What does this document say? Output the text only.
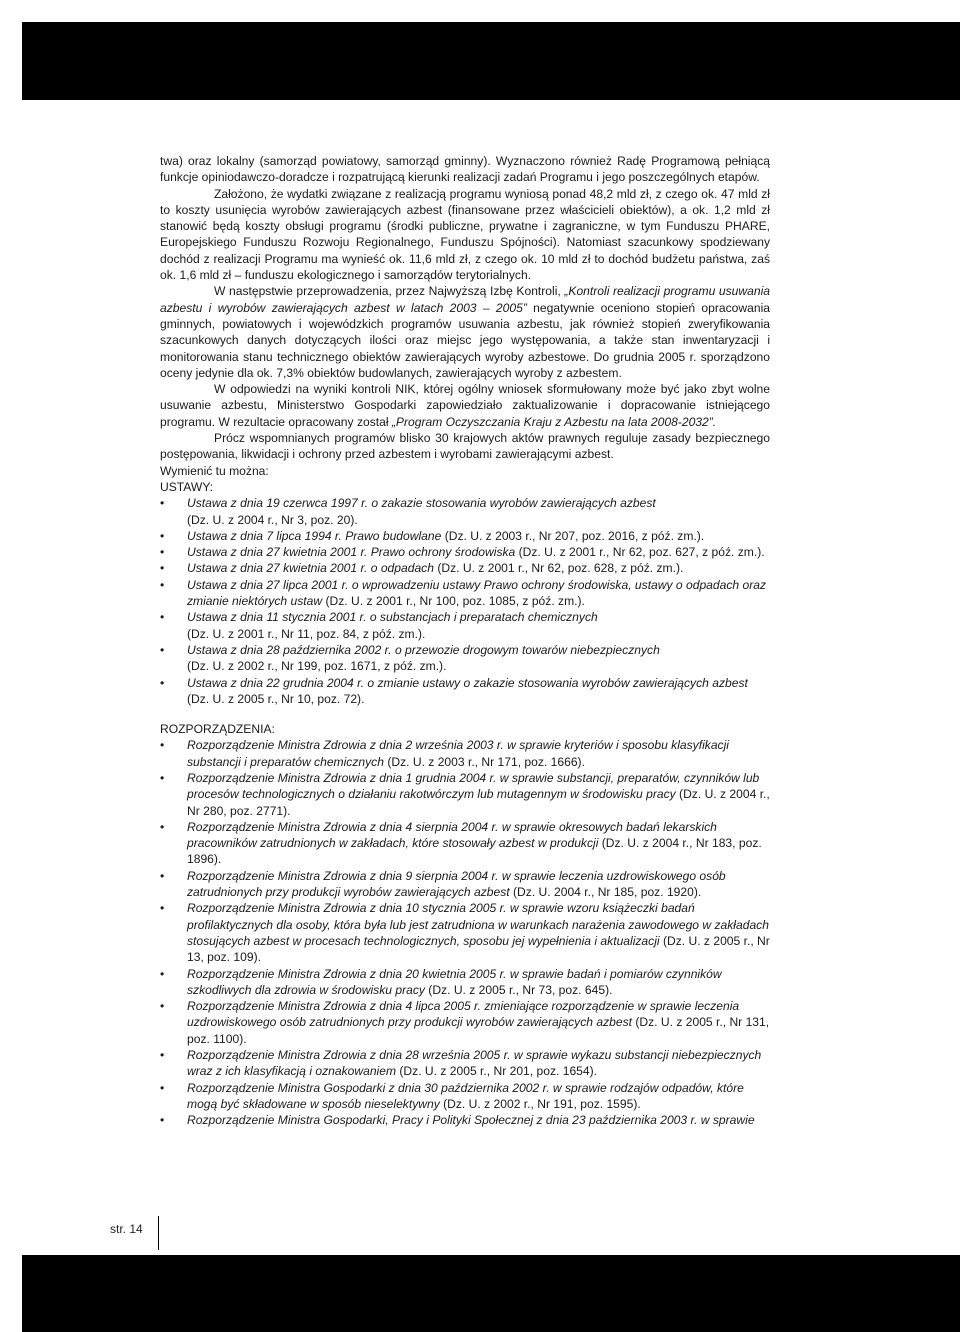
twa) oraz lokalny (samorząd powiatowy, samorząd gminny). Wyznaczono również Radę Programową pełniącą funkcje opiniodawczo-doradcze i rozpatrującą kierunki realizacji zadań Programu i jego poszczególnych etapów.

Założono, że wydatki związane z realizacją programu wyniosą ponad 48,2 mld zł, z czego ok. 47 mld zł to koszty usunięcia wyrobów zawierających azbest (finansowane przez właścicieli obiektów), a ok. 1,2 mld zł stanowić będą koszty obsługi programu (środki publiczne, prywatne i zagraniczne, w tym Funduszu PHARE, Europejskiego Funduszu Rozwoju Regionalnego, Funduszu Spójności). Natomiast szacunkowy spodziewany dochód z realizacji Programu ma wynieść ok. 11,6 mld zł, z czego ok. 10 mld zł to dochód budżetu państwa, zaś ok. 1,6 mld zł – funduszu ekologicznego i samorządów terytorialnych.

W następstwie przeprowadzenia, przez Najwyższą Izbę Kontroli, „Kontroli realizacji programu usuwania azbestu i wyrobów zawierających azbest w latach 2003 – 2005” negatywnie oceniono stopień opracowania gminnych, powiatowych i wojewódzkich programów usuwania azbestu, jak również stopień zweryfikowania szacunkowych danych dotyczących ilości oraz miejsc jego występowania, a także stan inwentaryzacji i monitorowania stanu technicznego obiektów zawierających wyroby azbestowe. Do grudnia 2005 r. sporządzono oceny jedynie dla ok. 7,3% obiektów budowlanych, zawierających wyroby z azbestem.

W odpowiedzi na wyniki kontroli NIK, której ogólny wniosek sformułowany może być jako zbyt wolne usuwanie azbestu, Ministerstwo Gospodarki zapowiedziało zaktualizowanie i dopracowanie istniejącego programu. W rezultacie opracowany został „Program Oczyszczania Kraju z Azbestu na lata 2008-2032”.

Prócz wspomnianych programów blisko 30 krajowych aktów prawnych reguluje zasady bezpiecznego postępowania, likwidacji i ochrony przed azbestem i wyrobami zawierającymi azbest.

Wymienić tu można:

USTAWY:

• Ustawa z dnia 19 czerwca 1997 r. o zakazie stosowania wyrobów zawierających azbest
(Dz. U. z 2004 r., Nr 3, poz. 20).
• Ustawa z dnia 7 lipca 1994 r. Prawo budowlane (Dz. U. z 2003 r., Nr 207, poz. 2016, z póź. zm.).
• Ustawa z dnia 27 kwietnia 2001 r. Prawo ochrony środowiska (Dz. U. z 2001 r., Nr 62, poz. 627, z póź. zm.).
• Ustawa z dnia 27 kwietnia 2001 r. o odpadach (Dz. U. z 2001 r., Nr 62, poz. 628, z póź. zm.).
• Ustawa z dnia 27 lipca 2001 r. o wprowadzeniu ustawy Prawo ochrony środowiska, ustawy o odpadach oraz zmianie niektórych ustaw (Dz. U. z 2001 r., Nr 100, poz. 1085, z póź. zm.).
• Ustawa z dnia 11 stycznia 2001 r. o substancjach i preparatach chemicznych
(Dz. U. z 2001 r., Nr 11, poz. 84, z póź. zm.).
• Ustawa z dnia 28 października 2002 r. o przewozie drogowym towarów niebezpiecznych
(Dz. U. z 2002 r., Nr 199, poz. 1671, z póź. zm.).
• Ustawa z dnia 22 grudnia 2004 r. o zmianie ustawy o zakazie stosowania wyrobów zawierających azbest
(Dz. U. z 2005 r., Nr 10, poz. 72).

ROZPORZĄDZENIA:

• Rozporządzenie Ministra Zdrowia z dnia 2 września 2003 r. w sprawie kryteriów i sposobu klasyfikacji substancji i preparatów chemicznych (Dz. U. z 2003 r., Nr 171, poz. 1666).
• Rozporządzenie Ministra Zdrowia z dnia 1 grudnia 2004 r. w sprawie substancji, preparatów, czynników lub procesów technologicznych o działaniu rakotwórczym lub mutagennym w środowisku pracy (Dz. U. z 2004 r., Nr 280, poz. 2771).
• Rozporządzenie Ministra Zdrowia z dnia 4 sierpnia 2004 r. w sprawie okresowych badań lekarskich pracowników zatrudnionych w zakładach, które stosowały azbest w produkcji (Dz. U. z 2004 r., Nr 183, poz. 1896).
• Rozporządzenie Ministra Zdrowia z dnia 9 sierpnia 2004 r. w sprawie leczenia uzdrowiskowego osób zatrudnionych przy produkcji wyrobów zawierających azbest (Dz. U. 2004 r., Nr 185, poz. 1920).
• Rozporządzenie Ministra Zdrowia z dnia 10 stycznia 2005 r. w sprawie wzoru książeczki badań profilaktycznych dla osoby, która była lub jest zatrudniona w warunkach narażenia zawodowego w zakładach stosujących azbest w procesach technologicznych, sposobu jej wypełnienia i aktualizacji (Dz. U. z 2005 r., Nr 13, poz. 109).
• Rozporządzenie Ministra Zdrowia z dnia 20 kwietnia 2005 r. w sprawie badań i pomiarów czynników szkodliwych dla zdrowia w środowisku pracy (Dz. U. z 2005 r., Nr 73, poz. 645).
• Rozporządzenie Ministra Zdrowia z dnia 4 lipca 2005 r. zmieniające rozporządzenie w sprawie leczenia uzdrowiskowego osób zatrudnionych przy produkcji wyrobów zawierających azbest (Dz. U. z 2005 r., Nr 131, poz. 1100).
• Rozporządzenie Ministra Zdrowia z dnia 28 września 2005 r. w sprawie wykazu substancji niebezpiecznych wraz z ich klasyfikacją i oznakowaniem (Dz. U. z 2005 r., Nr 201, poz. 1654).
• Rozporządzenie Ministra Gospodarki z dnia 30 października 2002 r. w sprawie rodzajów odpadów, które mogą być składowane w sposób nieselektywny (Dz. U. z 2002 r., Nr 191, poz. 1595).
• Rozporządzenie Ministra Gospodarki, Pracy i Polityki Społecznej z dnia 23 października 2003 r. w sprawie
str. 14
